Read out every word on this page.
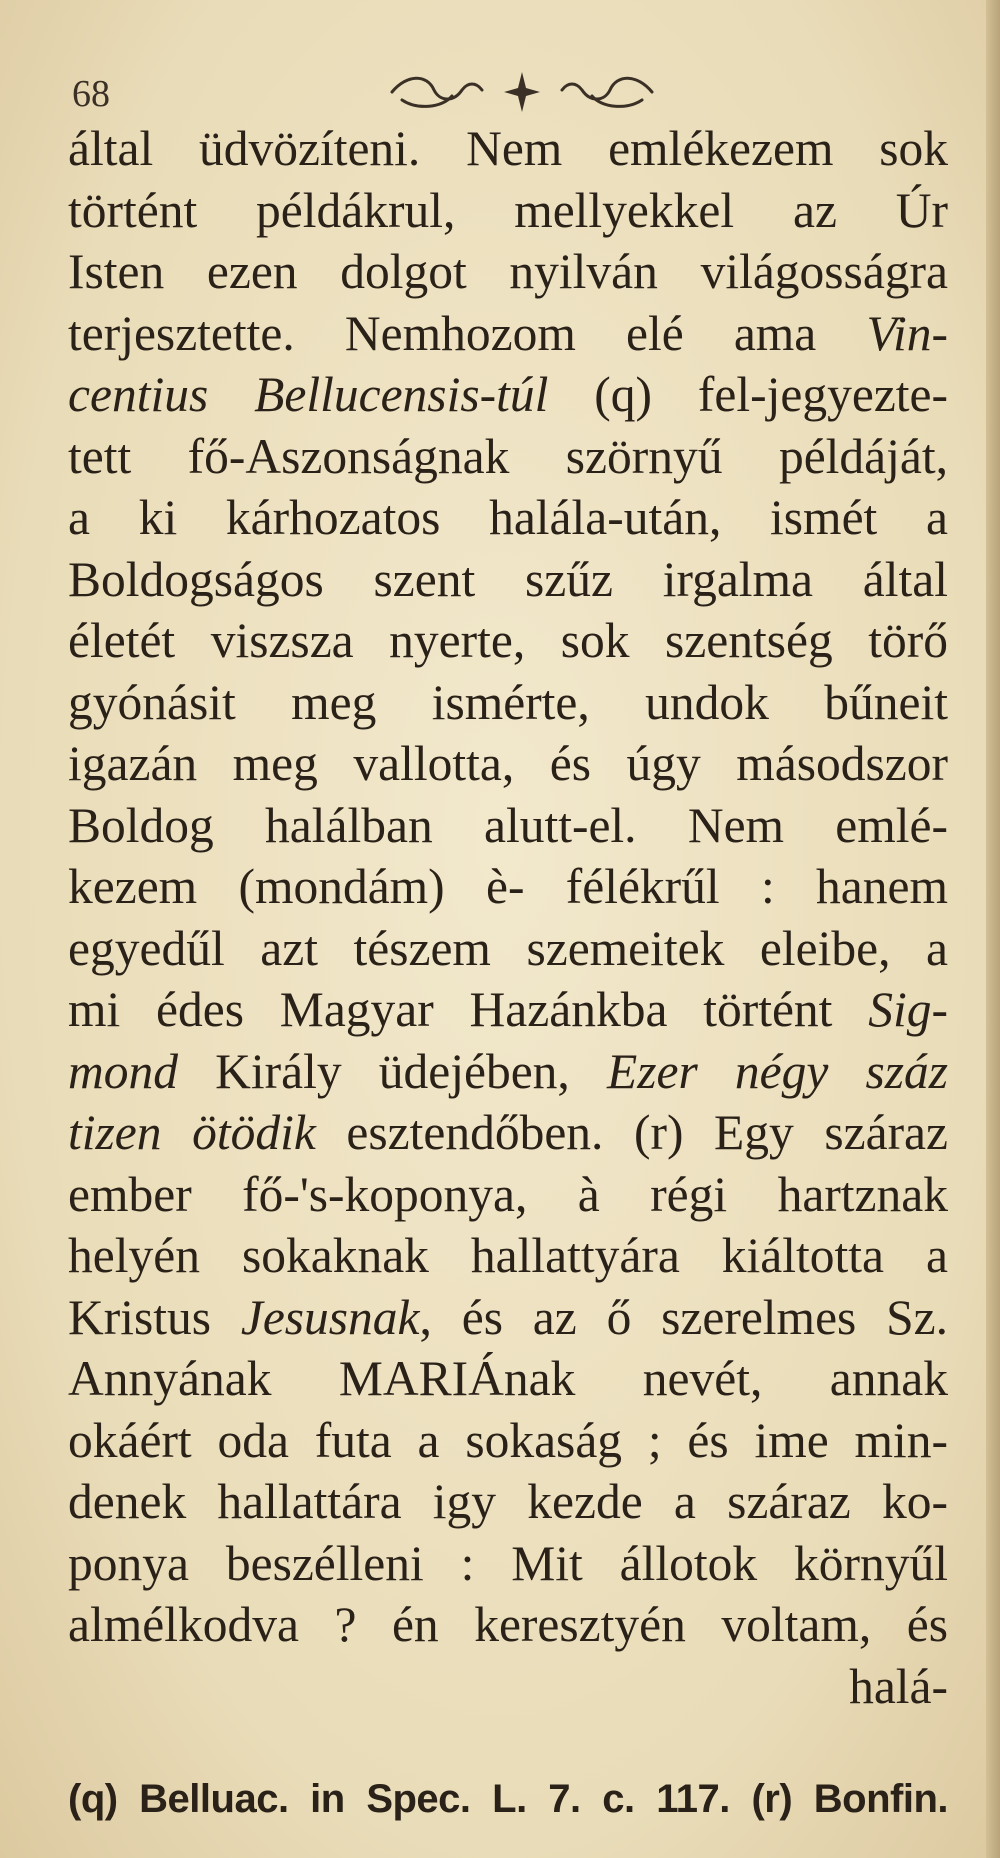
68
által üdvözíteni. Nem emlékezem sok
történt példákrul, mellyekkel az Úr
Isten ezen dolgot nyilván világosságra
terjesztette. Nemhozom elé ama Vin-
centius Bellucensis-túl (q) fel-jegyezte-
tett fő-Aszonságnak szörnyű példáját,
a ki kárhozatos halála-után, ismét a
Boldogságos szent szűz irgalma által
életét viszsza nyerte, sok szentség törő
gyónásit meg ismérte, undok bűneit
igazán meg vallotta, és úgy másodszor
Boldog halálban alutt-el. Nem emlé-
kezem (mondám) è- félékrűl : hanem
egyedűl azt tészem szemeitek eleibe, a
mi édes Magyar Hazánkba történt Sig-
mond Király üdejében, Ezer négy száz
tizen ötödik esztendőben. (r) Egy száraz
ember fő-'s-koponya, à régi hartznak
helyén sokaknak hallattyára kiáltotta a
Kristus Jesusnak, és az ő szerelmes Sz.
Annyának MARIÁnak nevét, annak
okáért oda futa a sokaság ; és ime min-
denek hallattára igy kezde a száraz ko-
ponya beszélleni : Mit állotok környűl
almélkodva ? én keresztyén voltam, és
halá-
(q) Belluac. in Spec. L. 7. c. 117. (r) Bonfin.
